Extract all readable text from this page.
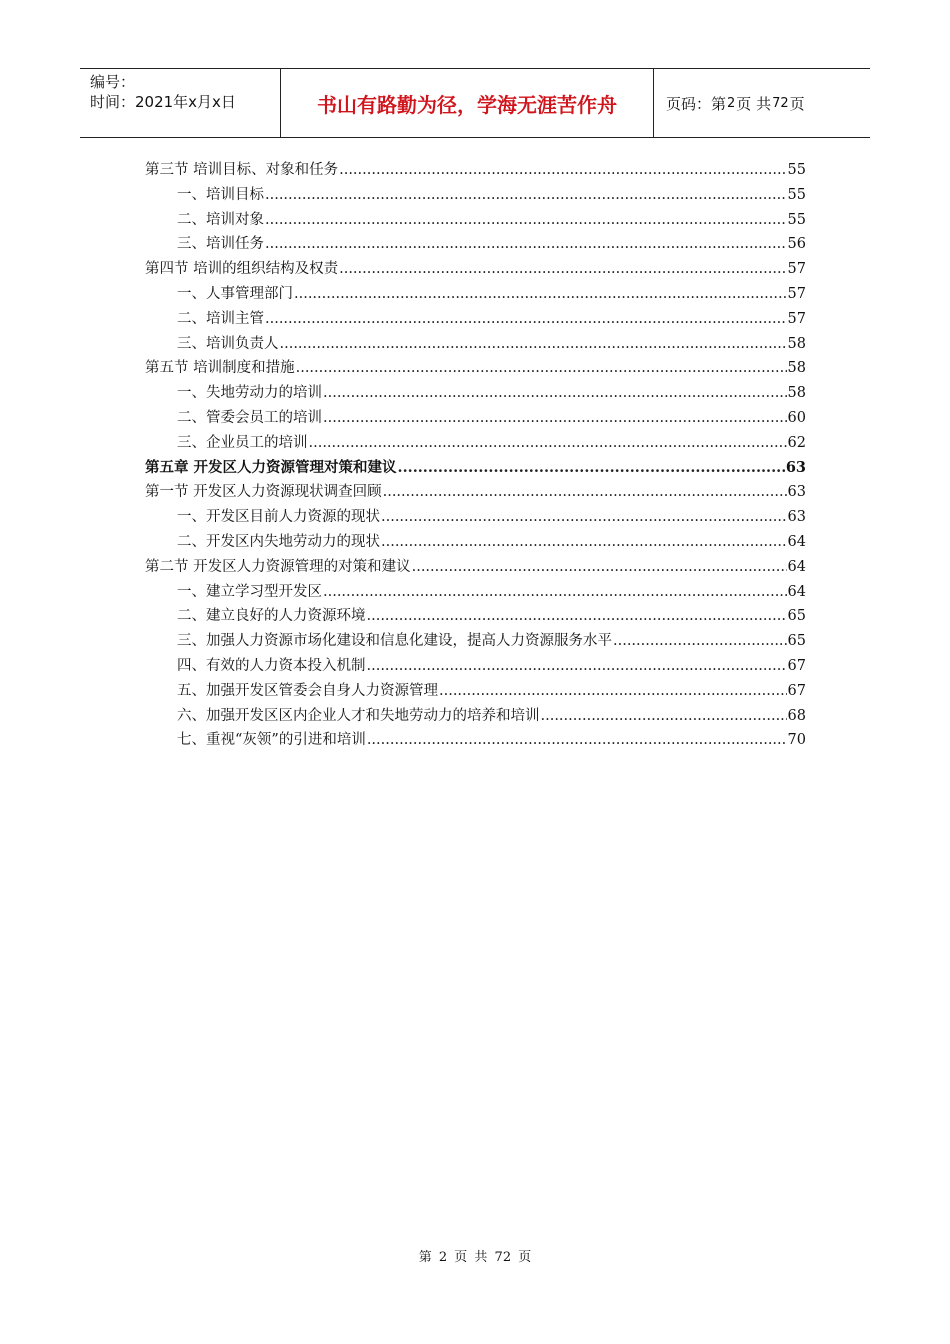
编号：
时间：2021年x月x日	书山有路勤为径，学海无涯苦作舟	页码：第 2 页 共 72 页
第三节 培训目标、对象和任务 .....	55
一、培训目标 .....	55
二、培训对象 .....	55
三、培训任务 .....	56
第四节 培训的组织结构及权责 .....	57
一、人事管理部门 .....	57
二、培训主管 .....	57
三、培训负责人 .....	58
第五节 培训制度和措施 .....	58
一、失地劳动力的培训 .....	58
二、管委会员工的培训 .....	60
三、企业员工的培训 .....	62
第五章 开发区人力资源管理对策和建议 .....	63
第一节 开发区人力资源现状调查回顾 .....	63
一、开发区目前人力资源的现状 .....	63
二、开发区内失地劳动力的现状 .....	64
第二节 开发区人力资源管理的对策和建议 .....	64
一、建立学习型开发区 .....	64
二、建立良好的人力资源环境 .....	65
三、加强人力资源市场化建设和信息化建设，提高人力资源服务水平 .....	65
四、有效的人力资本投入机制 .....	67
五、加强开发区管委会自身人力资源管理 .....	67
六、加强开发区区内企业人才和失地劳动力的培养和培训 .....	68
七、重视“灰领”的引进和培训 .....	70
第 2 页 共 72 页
